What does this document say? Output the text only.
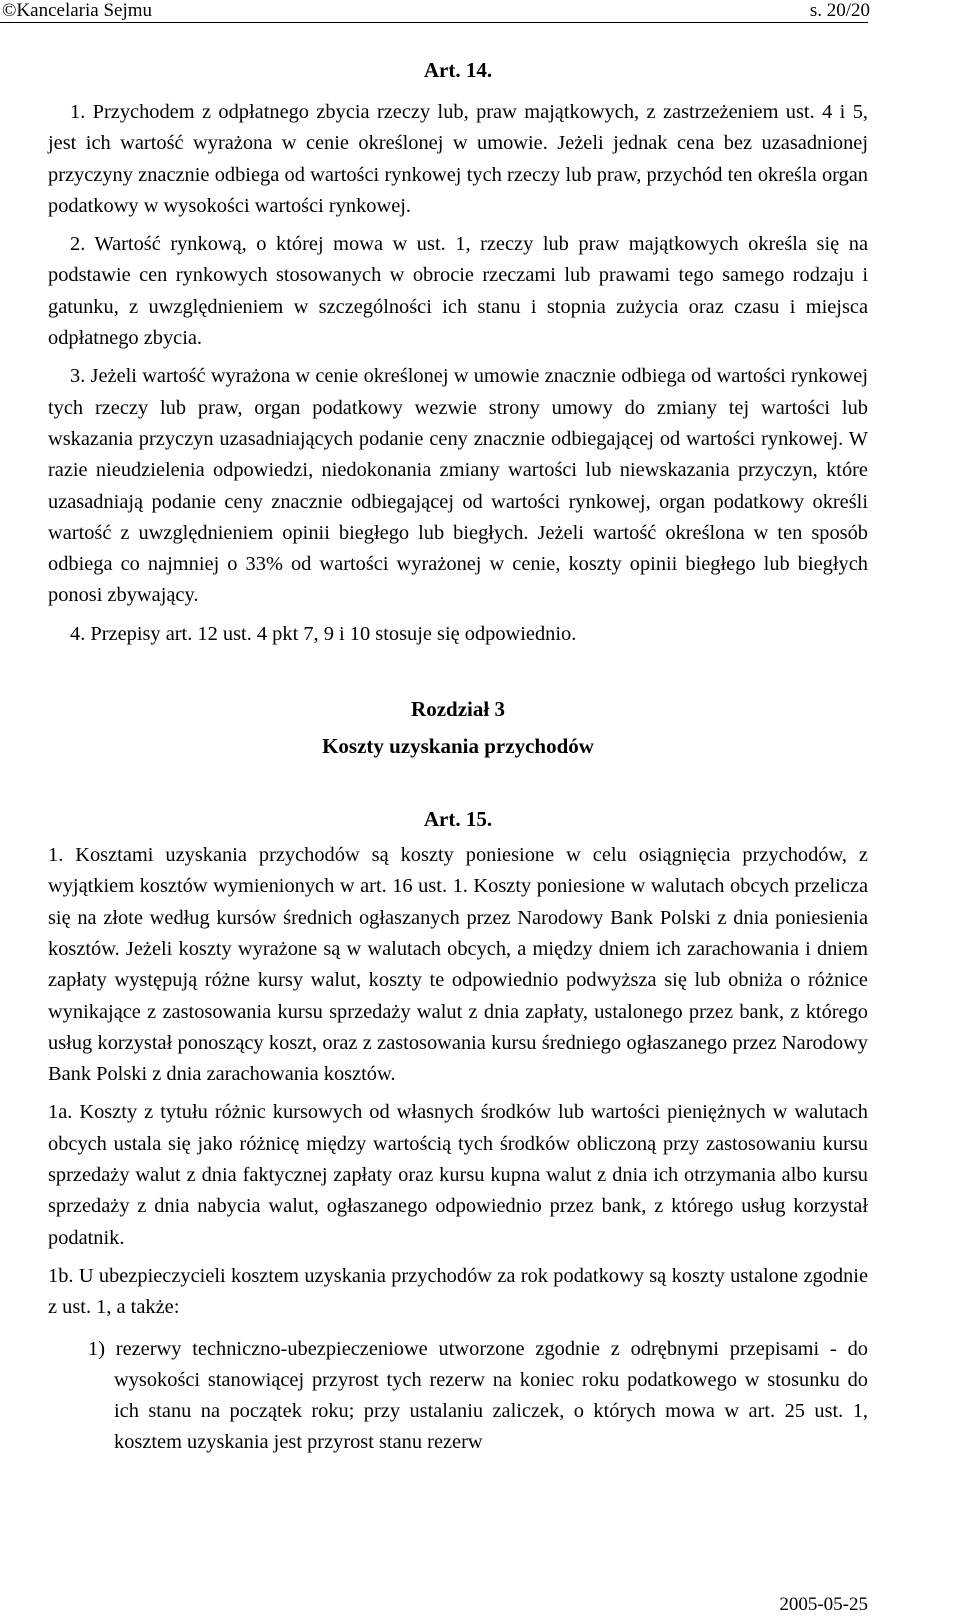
©Kancelaria Sejmu	s. 20/20
Art. 14.

1. Przychodem z odpłatnego zbycia rzeczy lub, praw majątkowych, z zastrzeżeniem ust. 4 i 5, jest ich wartość wyrażona w cenie określonej w umowie. Jeżeli jednak cena bez uzasadnionej przyczyny znacznie odbiega od wartości rynkowej tych rzeczy lub praw, przychód ten określa organ podatkowy w wysokości wartości rynkowej.

2. Wartość rynkową, o której mowa w ust. 1, rzeczy lub praw majątkowych określa się na podstawie cen rynkowych stosowanych w obrocie rzeczami lub prawami tego samego rodzaju i gatunku, z uwzględnieniem w szczególności ich stanu i stopnia zużycia oraz czasu i miejsca odpłatnego zbycia.

3. Jeżeli wartość wyrażona w cenie określonej w umowie znacznie odbiega od wartości rynkowej tych rzeczy lub praw, organ podatkowy wezwie strony umowy do zmiany tej wartości lub wskazania przyczyn uzasadniających podanie ceny znacznie odbiegającej od wartości rynkowej. W razie nieudzielenia odpowiedzi, niedokonania zmiany wartości lub niewskazania przyczyn, które uzasadniają podanie ceny znacznie odbiegającej od wartości rynkowej, organ podatkowy określi wartość z uwzględnieniem opinii biegłego lub biegłych. Jeżeli wartość określona w ten sposób odbiega co najmniej o 33% od wartości wyrażonej w cenie, koszty opinii biegłego lub biegłych ponosi zbywający.

4. Przepisy art. 12 ust. 4 pkt 7, 9 i 10 stosuje się odpowiednio.

Rozdział 3
Koszty uzyskania przychodów
Art. 15.

1. Kosztami uzyskania przychodów są koszty poniesione w celu osiągnięcia przychodów, z wyjątkiem kosztów wymienionych w art. 16 ust. 1. Koszty poniesione w walutach obcych przelicza się na złote według kursów średnich ogłaszanych przez Narodowy Bank Polski z dnia poniesienia kosztów. Jeżeli koszty wyrażone są w walutach obcych, a między dniem ich zarachowania i dniem zapłaty występują różne kursy walut, koszty te odpowiednio podwyższa się lub obniża o różnice wynikające z zastosowania kursu sprzedaży walut z dnia zapłaty, ustalonego przez bank, z którego usług korzystał ponoszący koszt, oraz z zastosowania kursu średniego ogłaszanego przez Narodowy Bank Polski z dnia zarachowania kosztów.

1a. Koszty z tytułu różnic kursowych od własnych środków lub wartości pieniężnych w walutach obcych ustala się jako różnicę między wartością tych środków obliczoną przy zastosowaniu kursu sprzedaży walut z dnia faktycznej zapłaty oraz kursu kupna walut z dnia ich otrzymania albo kursu sprzedaży z dnia nabycia walut, ogłaszanego odpowiednio przez bank, z którego usług korzystał podatnik.

1b. U ubezpieczycieli kosztem uzyskania przychodów za rok podatkowy są koszty ustalone zgodnie z ust. 1, a także:

1) rezerwy techniczno-ubezpieczeniowe utworzone zgodnie z odrębnymi przepisami - do wysokości stanowiącej przyrost tych rezerw na koniec roku podatkowego w stosunku do ich stanu na początek roku; przy ustalaniu zaliczek, o których mowa w art. 25 ust. 1, kosztem uzyskania jest przyrost stanu rezerw

2005-05-25
